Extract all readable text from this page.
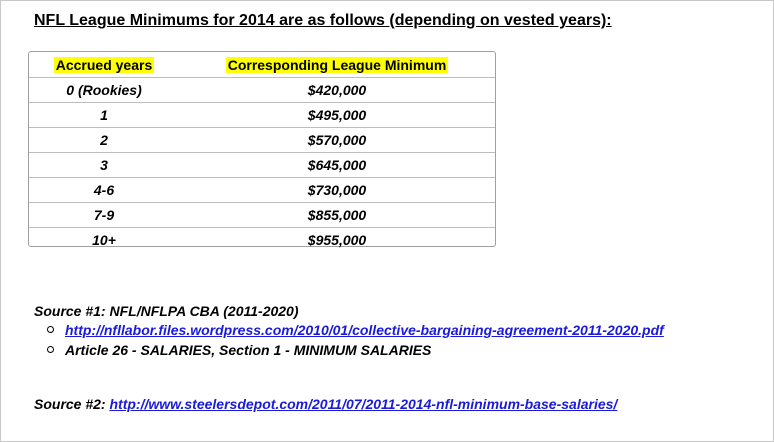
NFL League Minimums for 2014 are as follows (depending on vested years):
Accrued years	Corresponding League Minimum
0 (Rookies)	$420,000
1	$495,000
2	$570,000
3	$645,000
4-6	$730,000
7-9	$855,000
10+	$955,000
Source #1: NFL/NFLPA CBA (2011-2020)
http://nfllabor.files.wordpress.com/2010/01/collective-bargaining-agreement-2011-2020.pdf
Article 26 - SALARIES, Section 1 - MINIMUM SALARIES
Source #2: http://www.steelersdepot.com/2011/07/2011-2014-nfl-minimum-base-salaries/
